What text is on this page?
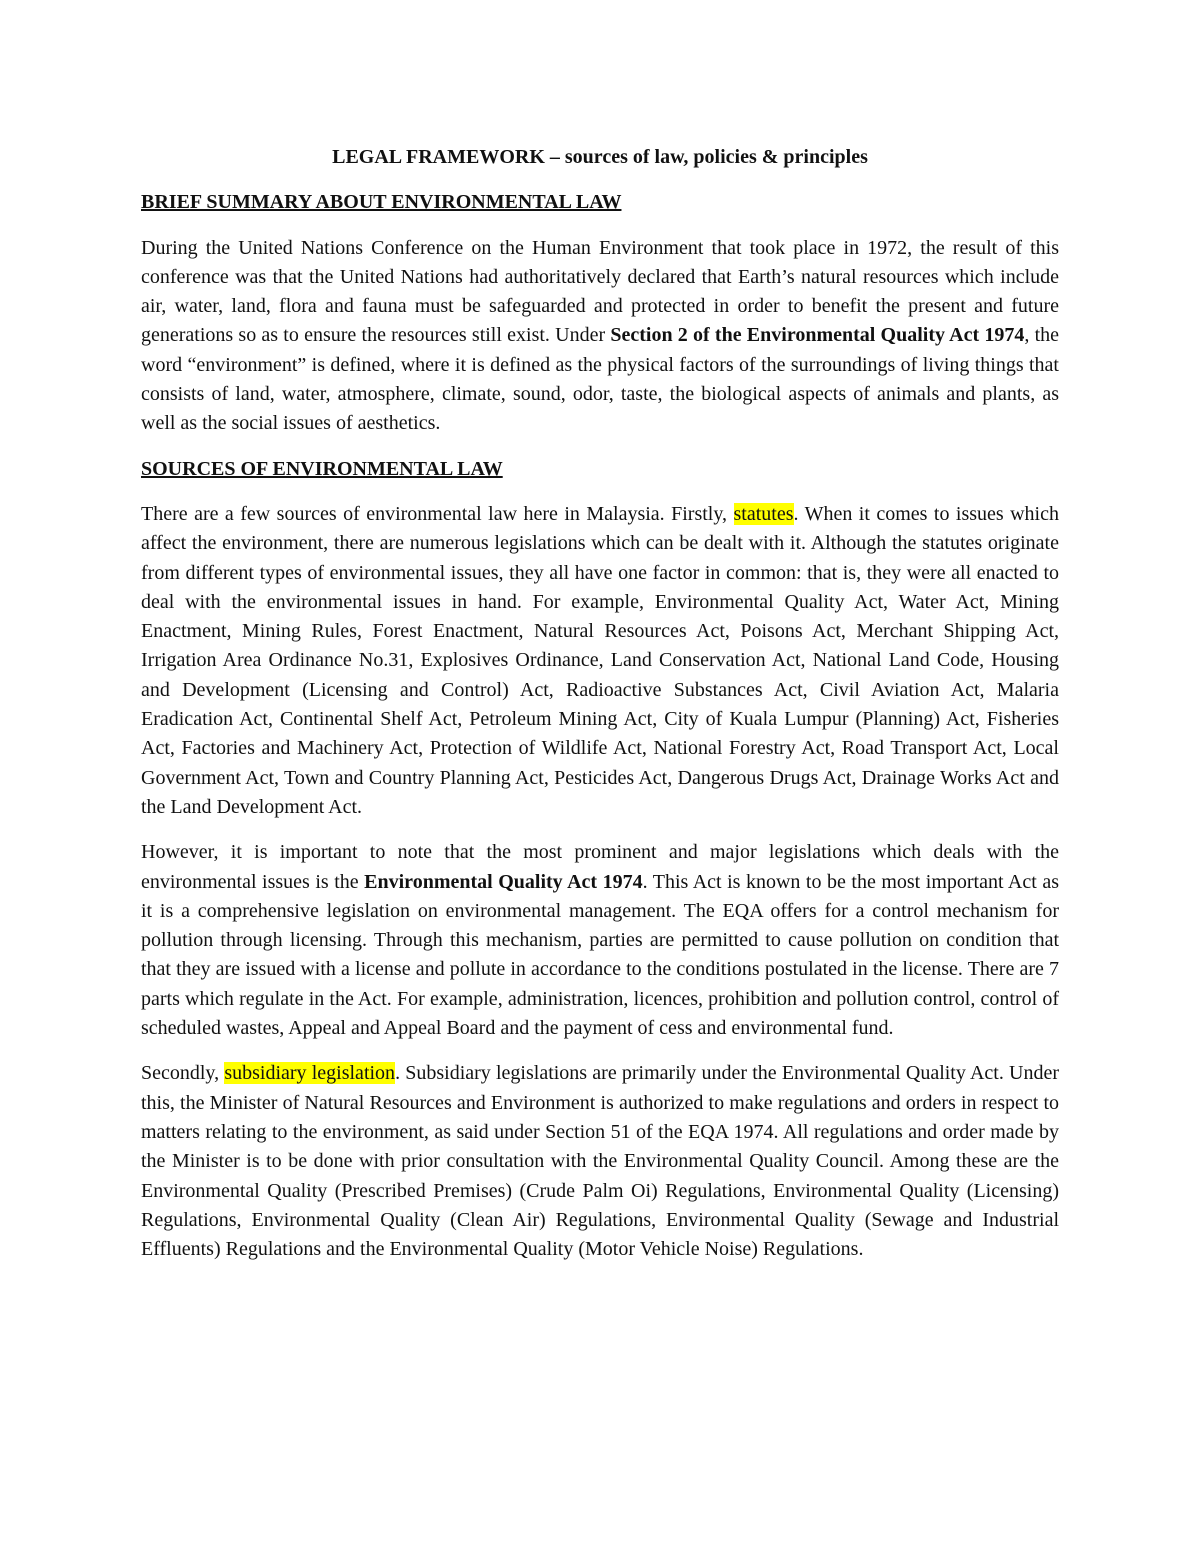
LEGAL FRAMEWORK – sources of law, policies & principles

BRIEF SUMMARY ABOUT ENVIRONMENTAL LAW

During the United Nations Conference on the Human Environment that took place in 1972, the result of this conference was that the United Nations had authoritatively declared that Earth’s natural resources which include air, water, land, flora and fauna must be safeguarded and protected in order to benefit the present and future generations so as to ensure the resources still exist. Under Section 2 of the Environmental Quality Act 1974, the word “environment” is defined, where it is defined as the physical factors of the surroundings of living things that consists of land, water, atmosphere, climate, sound, odor, taste, the biological aspects of animals and plants, as well as the social issues of aesthetics.

SOURCES OF ENVIRONMENTAL LAW

There are a few sources of environmental law here in Malaysia. Firstly, statutes. When it comes to issues which affect the environment, there are numerous legislations which can be dealt with it. Although the statutes originate from different types of environmental issues, they all have one factor in common: that is, they were all enacted to deal with the environmental issues in hand. For example, Environmental Quality Act, Water Act, Mining Enactment, Mining Rules, Forest Enactment, Natural Resources Act, Poisons Act, Merchant Shipping Act, Irrigation Area Ordinance No.31, Explosives Ordinance, Land Conservation Act, National Land Code, Housing and Development (Licensing and Control) Act, Radioactive Substances Act, Civil Aviation Act, Malaria Eradication Act, Continental Shelf Act, Petroleum Mining Act, City of Kuala Lumpur (Planning) Act, Fisheries Act, Factories and Machinery Act, Protection of Wildlife Act, National Forestry Act, Road Transport Act, Local Government Act, Town and Country Planning Act, Pesticides Act, Dangerous Drugs Act, Drainage Works Act and the Land Development Act.

However, it is important to note that the most prominent and major legislations which deals with the environmental issues is the Environmental Quality Act 1974. This Act is known to be the most important Act as it is a comprehensive legislation on environmental management. The EQA offers for a control mechanism for pollution through licensing. Through this mechanism, parties are permitted to cause pollution on condition that that they are issued with a license and pollute in accordance to the conditions postulated in the license. There are 7 parts which regulate in the Act. For example, administration, licences, prohibition and pollution control, control of scheduled wastes, Appeal and Appeal Board and the payment of cess and environmental fund.

Secondly, subsidiary legislation. Subsidiary legislations are primarily under the Environmental Quality Act. Under this, the Minister of Natural Resources and Environment is authorized to make regulations and orders in respect to matters relating to the environment, as said under Section 51 of the EQA 1974. All regulations and order made by the Minister is to be done with prior consultation with the Environmental Quality Council. Among these are the Environmental Quality (Prescribed Premises) (Crude Palm Oi) Regulations, Environmental Quality (Licensing) Regulations, Environmental Quality (Clean Air) Regulations, Environmental Quality (Sewage and Industrial Effluents) Regulations and the Environmental Quality (Motor Vehicle Noise) Regulations.
